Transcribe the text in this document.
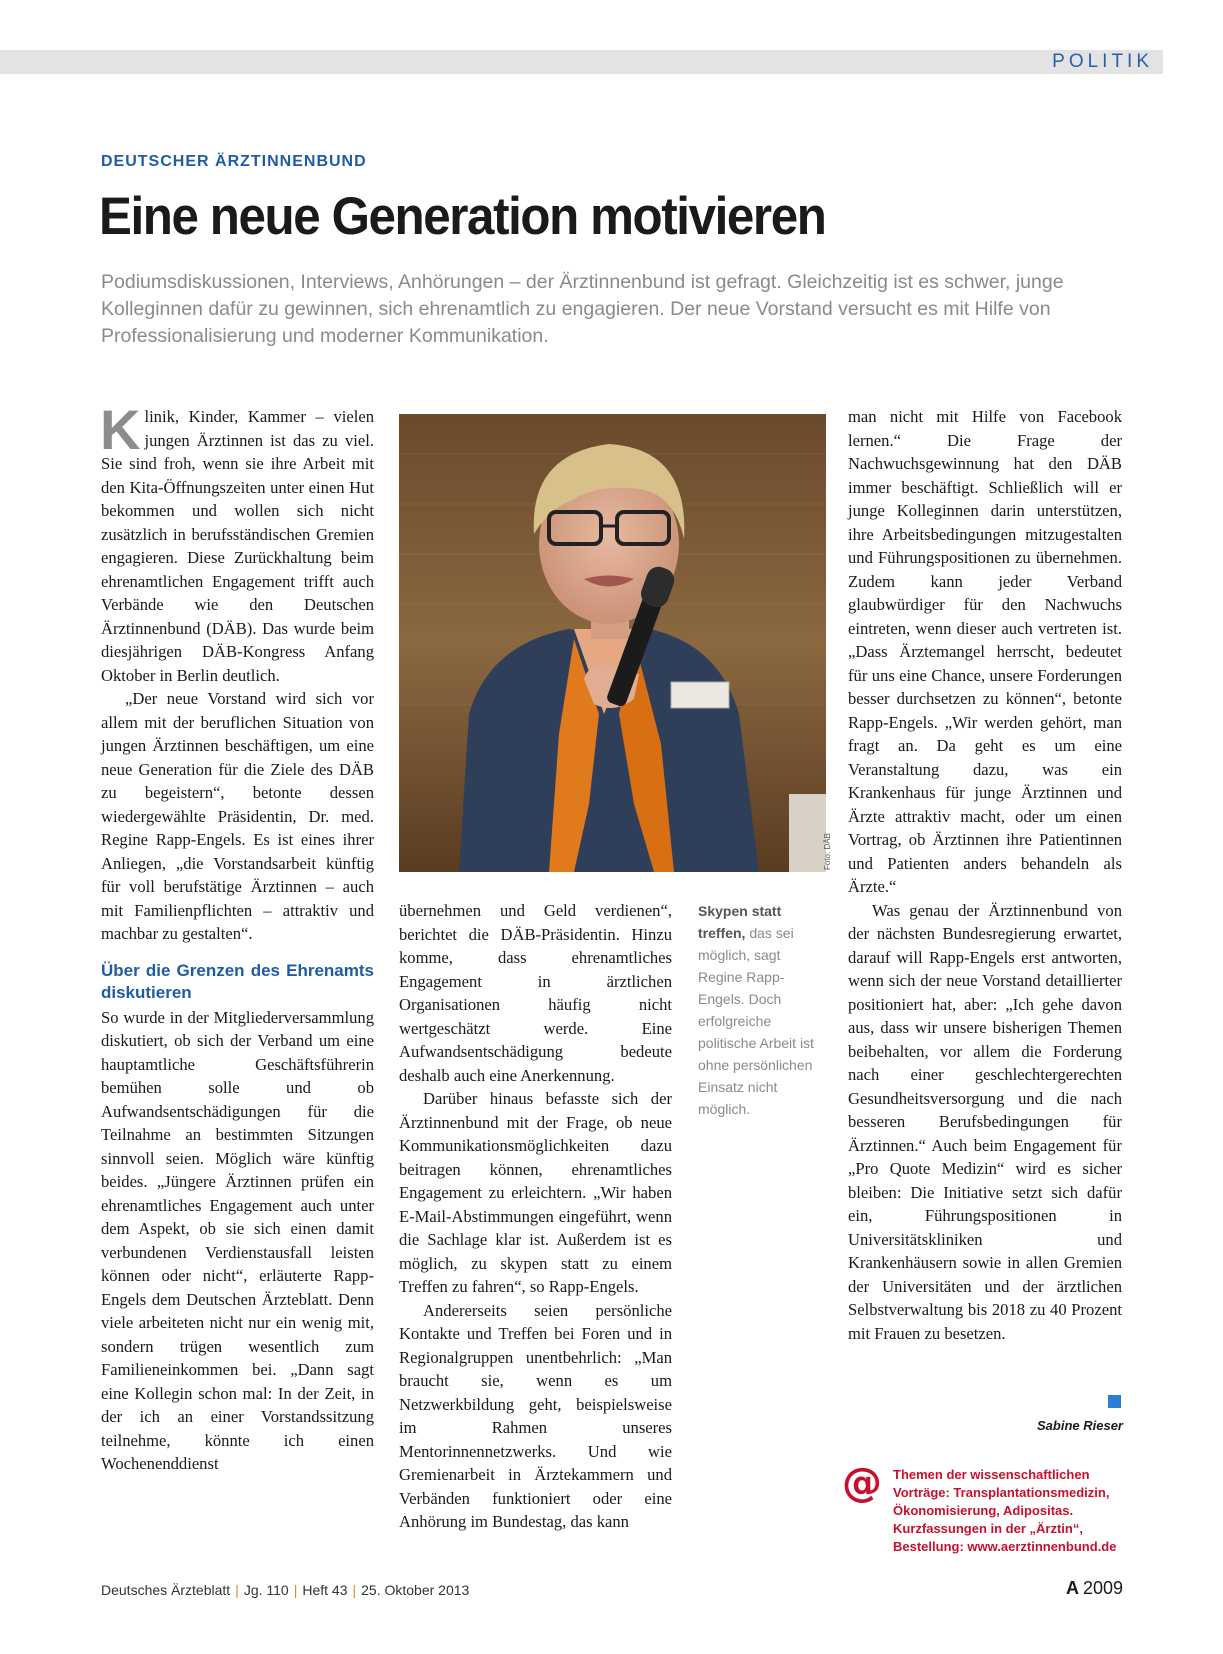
POLITIK
DEUTSCHER ÄRZTINNENBUND
Eine neue Generation motivieren

Podiumsdiskussionen, Interviews, Anhörungen – der Ärztinnenbund ist gefragt. Gleichzeitig ist es schwer, junge Kolleginnen dafür zu gewinnen, sich ehrenamtlich zu engagieren. Der neue Vorstand versucht es mit Hilfe von Professionalisierung und moderner Kommunikation.

Klinik, Kinder, Kammer – vielen jungen Ärztinnen ist das zu viel. Sie sind froh, wenn sie ihre Arbeit mit den Kita-Öffnungszeiten unter einen Hut bekommen und wollen sich nicht zusätzlich in berufsständischen Gremien engagieren. Diese Zurückhaltung beim ehrenamtlichen Engagement trifft auch Verbände wie den Deutschen Ärztinnenbund (DÄB). Das wurde beim diesjährigen DÄB-Kongress Anfang Oktober in Berlin deutlich.

„Der neue Vorstand wird sich vor allem mit der beruflichen Situation von jungen Ärztinnen beschäftigen, um eine neue Generation für die Ziele des DÄB zu begeistern“, betonte dessen wiedergewählte Präsidentin, Dr. med. Regine Rapp-Engels. Es ist eines ihrer Anliegen, „die Vorstandsarbeit künftig für voll berufstätige Ärztinnen – auch mit Familienpflichten – attraktiv und machbar zu gestalten“.

Über die Grenzen des Ehrenamts diskutieren

So wurde in der Mitgliederversammlung diskutiert, ob sich der Verband um eine hauptamtliche Geschäftsführerin bemühen solle und ob Aufwandsentschädigungen für die Teilnahme an bestimmten Sitzungen sinnvoll seien. Möglich wäre künftig beides. „Jüngere Ärztinnen prüfen ein ehrenamtliches Engagement auch unter dem Aspekt, ob sie sich einen damit verbundenen Verdienstausfall leisten können oder nicht“, erläuterte Rapp-Engels dem Deutschen Ärzteblatt. Denn viele arbeiteten nicht nur ein wenig mit, sondern trügen wesentlich zum Familieneinkommen bei. „Dann sagt eine Kollegin schon mal: In der Zeit, in der ich an einer Vorstandssitzung teilnehme, könnte ich einen Wochenenddienst

Foto: DÄB
Skypen statt treffen, das sei möglich, sagt Regine Rapp-Engels. Doch erfolgreiche politische Arbeit ist ohne persönlichen Einsatz nicht möglich.

übernehmen und Geld verdienen“, berichtet die DÄB-Präsidentin. Hinzu komme, dass ehrenamtliches Engagement in ärztlichen Organisationen häufig nicht wertgeschätzt werde. Eine Aufwandsentschädigung bedeute deshalb auch eine Anerkennung.

Darüber hinaus befasste sich der Ärztinnenbund mit der Frage, ob neue Kommunikationsmöglichkeiten dazu beitragen können, ehrenamtliches Engagement zu erleichtern. „Wir haben E-Mail-Abstimmungen eingeführt, wenn die Sachlage klar ist. Außerdem ist es möglich, zu skypen statt zu einem Treffen zu fahren“, so Rapp-Engels.

Andererseits seien persönliche Kontakte und Treffen bei Foren und in Regionalgruppen unentbehrlich: „Man braucht sie, wenn es um Netzwerkbildung geht, beispielsweise im Rahmen unseres Mentorinnennetzwerks. Und wie Gremienarbeit in Ärztekammern und Verbänden funktioniert oder eine Anhörung im Bundestag, das kann

man nicht mit Hilfe von Facebook lernen.“ Die Frage der Nachwuchsgewinnung hat den DÄB immer beschäftigt. Schließlich will er junge Kolleginnen darin unterstützen, ihre Arbeitsbedingungen mitzugestalten und Führungspositionen zu übernehmen. Zudem kann jeder Verband glaubwürdiger für den Nachwuchs eintreten, wenn dieser auch vertreten ist. „Dass Ärztemangel herrscht, bedeutet für uns eine Chance, unsere Forderungen besser durchsetzen zu können“, betonte Rapp-Engels. „Wir werden gehört, man fragt an. Da geht es um eine Veranstaltung dazu, was ein Krankenhaus für junge Ärztinnen und Ärzte attraktiv macht, oder um einen Vortrag, ob Ärztinnen ihre Patientinnen und Patienten anders behandeln als Ärzte.“

Was genau der Ärztinnenbund von der nächsten Bundesregierung erwartet, darauf will Rapp-Engels erst antworten, wenn sich der neue Vorstand detaillierter positioniert hat, aber: „Ich gehe davon aus, dass wir unsere bisherigen Themen beibehalten, vor allem die Forderung nach einer geschlechtergerechten Gesundheitsversorgung und die nach besseren Berufsbedingungen für Ärztinnen.“ Auch beim Engagement für „Pro Quote Medizin“ wird es sicher bleiben: Die Initiative setzt sich dafür ein, Führungspositionen in Universitätskliniken und Krankenhäusern sowie in allen Gremien der Universitäten und der ärztlichen Selbstverwaltung bis 2018 zu 40 Prozent mit Frauen zu besetzen.

Sabine Rieser
@ Themen der wissenschaftlichen Vorträge: Transplantationsmedizin, Ökonomisierung, Adipositas. Kurzfassungen in der „Ärztin“, Bestellung: www.aerztinnenbund.de
Deutsches Ärzteblatt | Jg. 110 | Heft 43 | 25. Oktober 2013	A 2009
